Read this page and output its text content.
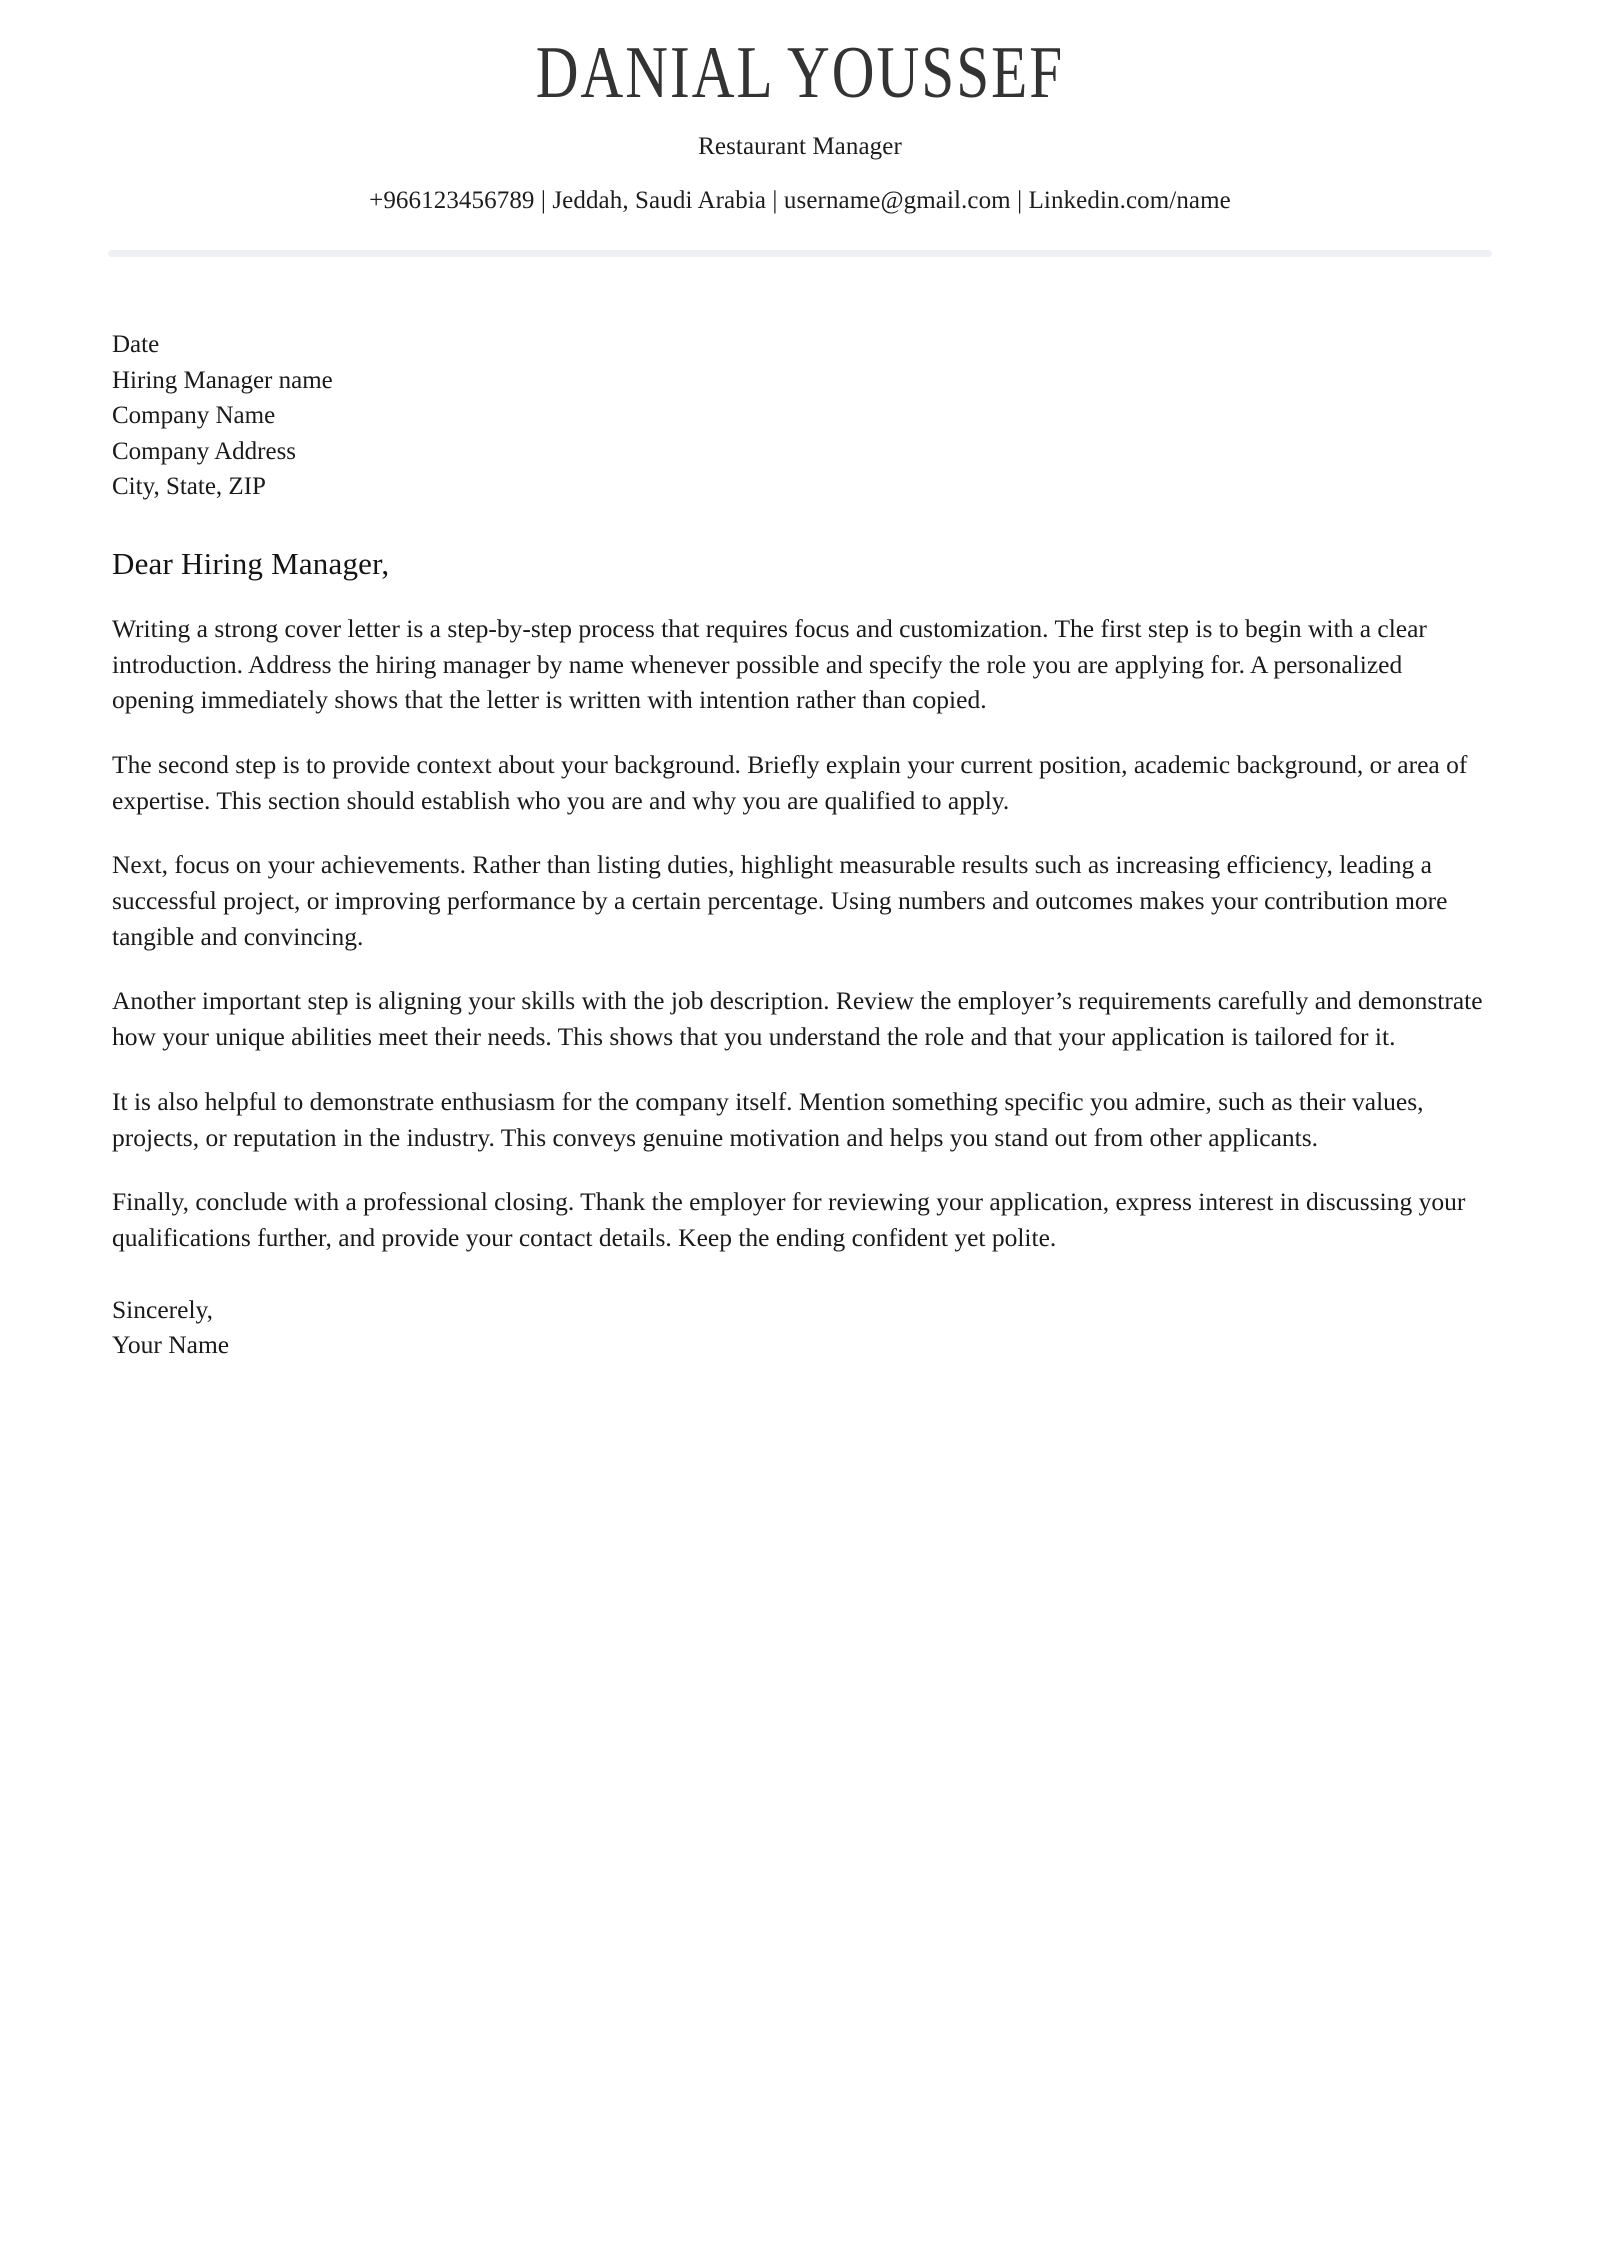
DANIAL YOUSSEF
Restaurant Manager
+966123456789 | Jeddah, Saudi Arabia | username@gmail.com | Linkedin.com/name
Date
Hiring Manager name
Company Name
Company Address
City, State, ZIP
Dear Hiring Manager,

Writing a strong cover letter is a step-by-step process that requires focus and customization. The first step is to begin with a clear introduction. Address the hiring manager by name whenever possible and specify the role you are applying for. A personalized opening immediately shows that the letter is written with intention rather than copied.

The second step is to provide context about your background. Briefly explain your current position, academic background, or area of expertise. This section should establish who you are and why you are qualified to apply.

Next, focus on your achievements. Rather than listing duties, highlight measurable results such as increasing efficiency, leading a successful project, or improving performance by a certain percentage. Using numbers and outcomes makes your contribution more tangible and convincing.

Another important step is aligning your skills with the job description. Review the employer’s requirements carefully and demonstrate how your unique abilities meet their needs. This shows that you understand the role and that your application is tailored for it.

It is also helpful to demonstrate enthusiasm for the company itself. Mention something specific you admire, such as their values, projects, or reputation in the industry. This conveys genuine motivation and helps you stand out from other applicants.

Finally, conclude with a professional closing. Thank the employer for reviewing your application, express interest in discussing your qualifications further, and provide your contact details. Keep the ending confident yet polite.

Sincerely,
Your Name
